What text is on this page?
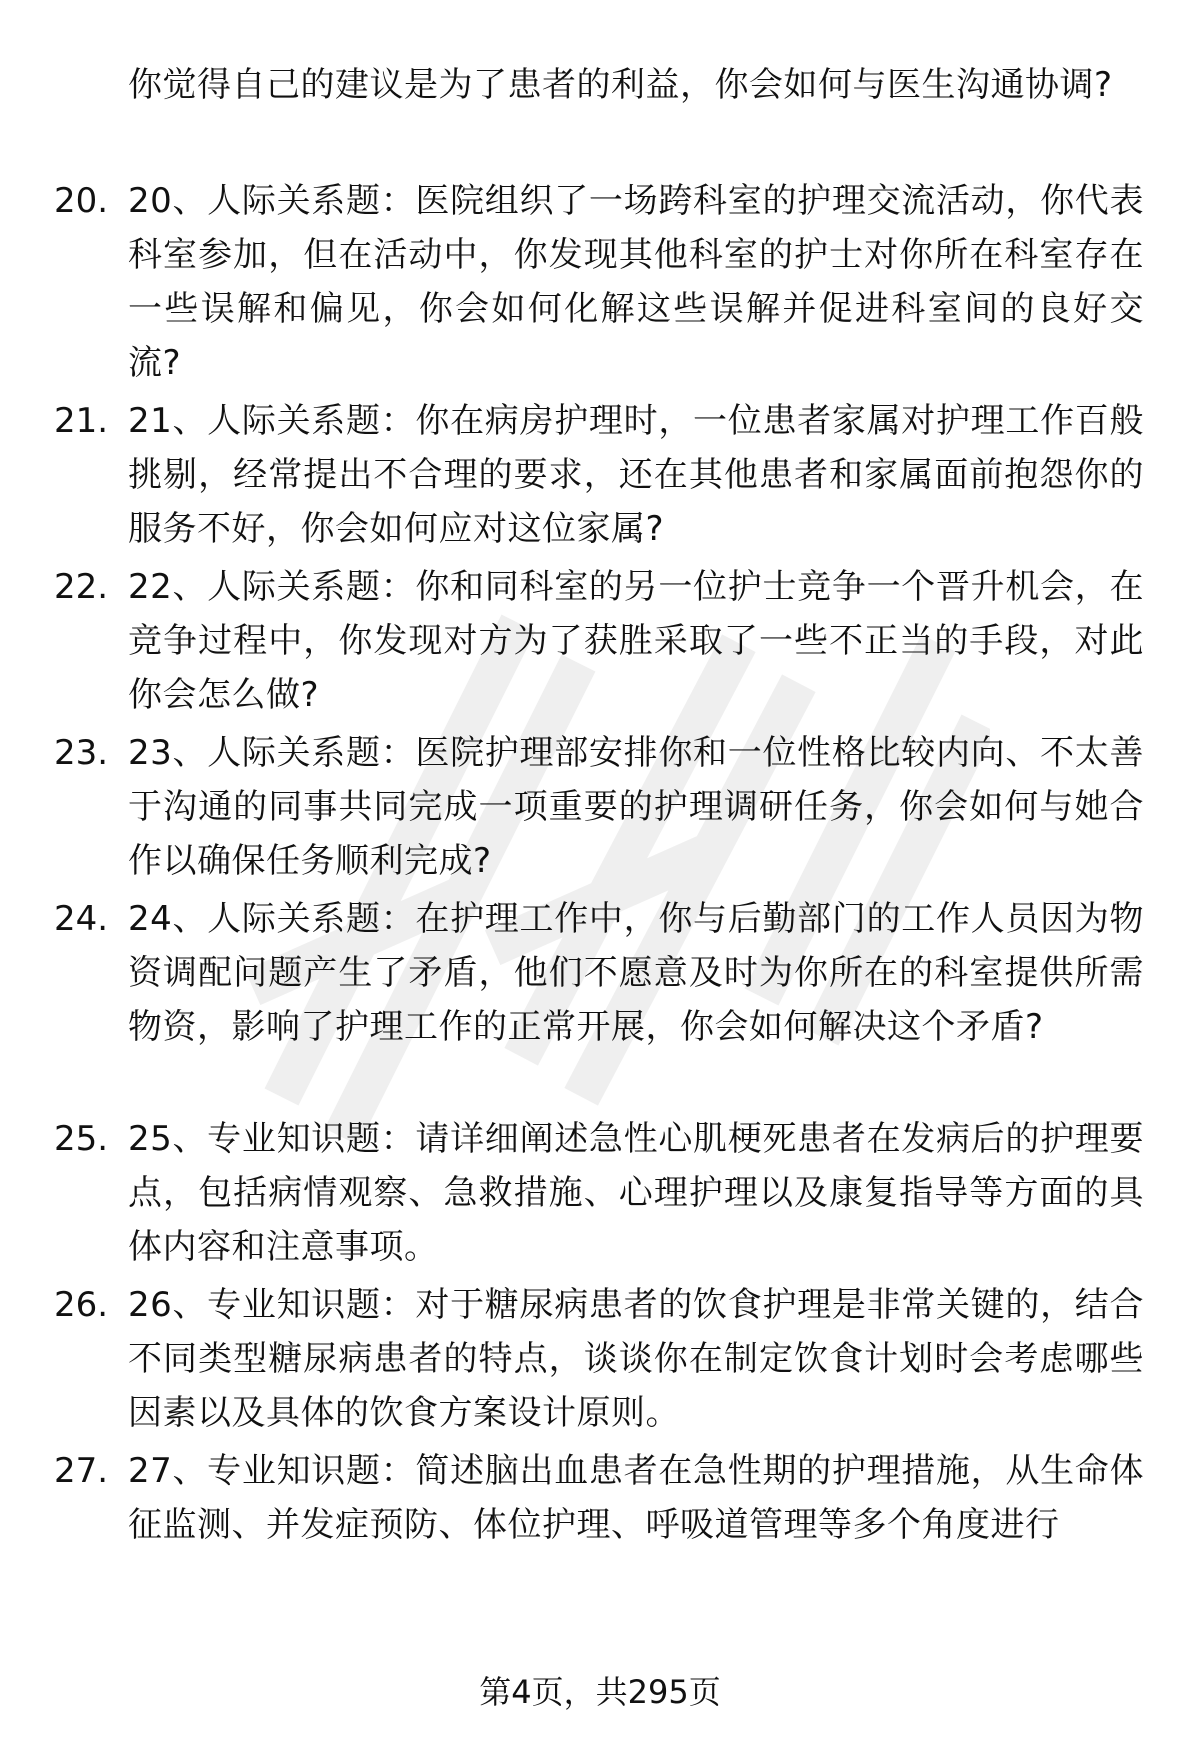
你觉得自己的建议是为了患者的利益，你会如何与医生沟通协调?
20. 20、人际关系题：医院组织了一场跨科室的护理交流活动，你代表科室参加，但在活动中，你发现其他科室的护士对你所在科室存在一些误解和偏见，你会如何化解这些误解并促进科室间的良好交流?
21. 21、人际关系题：你在病房护理时，一位患者家属对护理工作百般挑剔，经常提出不合理的要求，还在其他患者和家属面前抱怨你的服务不好，你会如何应对这位家属?
22. 22、人际关系题：你和同科室的另一位护士竞争一个晋升机会，在竞争过程中，你发现对方为了获胜采取了一些不正当的手段，对此你会怎么做?
23. 23、人际关系题：医院护理部安排你和一位性格比较内向、不太善于沟通的同事共同完成一项重要的护理调研任务，你会如何与她合作以确保任务顺利完成?
24. 24、人际关系题：在护理工作中，你与后勤部门的工作人员因为物资调配问题产生了矛盾，他们不愿意及时为你所在的科室提供所需物资，影响了护理工作的正常开展，你会如何解决这个矛盾?
25. 25、专业知识题：请详细阐述急性心肌梗死患者在发病后的护理要点，包括病情观察、急救措施、心理护理以及康复指导等方面的具体内容和注意事项。
26. 26、专业知识题：对于糖尿病患者的饮食护理是非常关键的，结合不同类型糖尿病患者的特点，谈谈你在制定饮食计划时会考虑哪些因素以及具体的饮食方案设计原则。
27. 27、专业知识题：简述脑出血患者在急性期的护理措施，从生命体征监测、并发症预防、体位护理、呼吸道管理等多个角度进行
第4页，共295页
